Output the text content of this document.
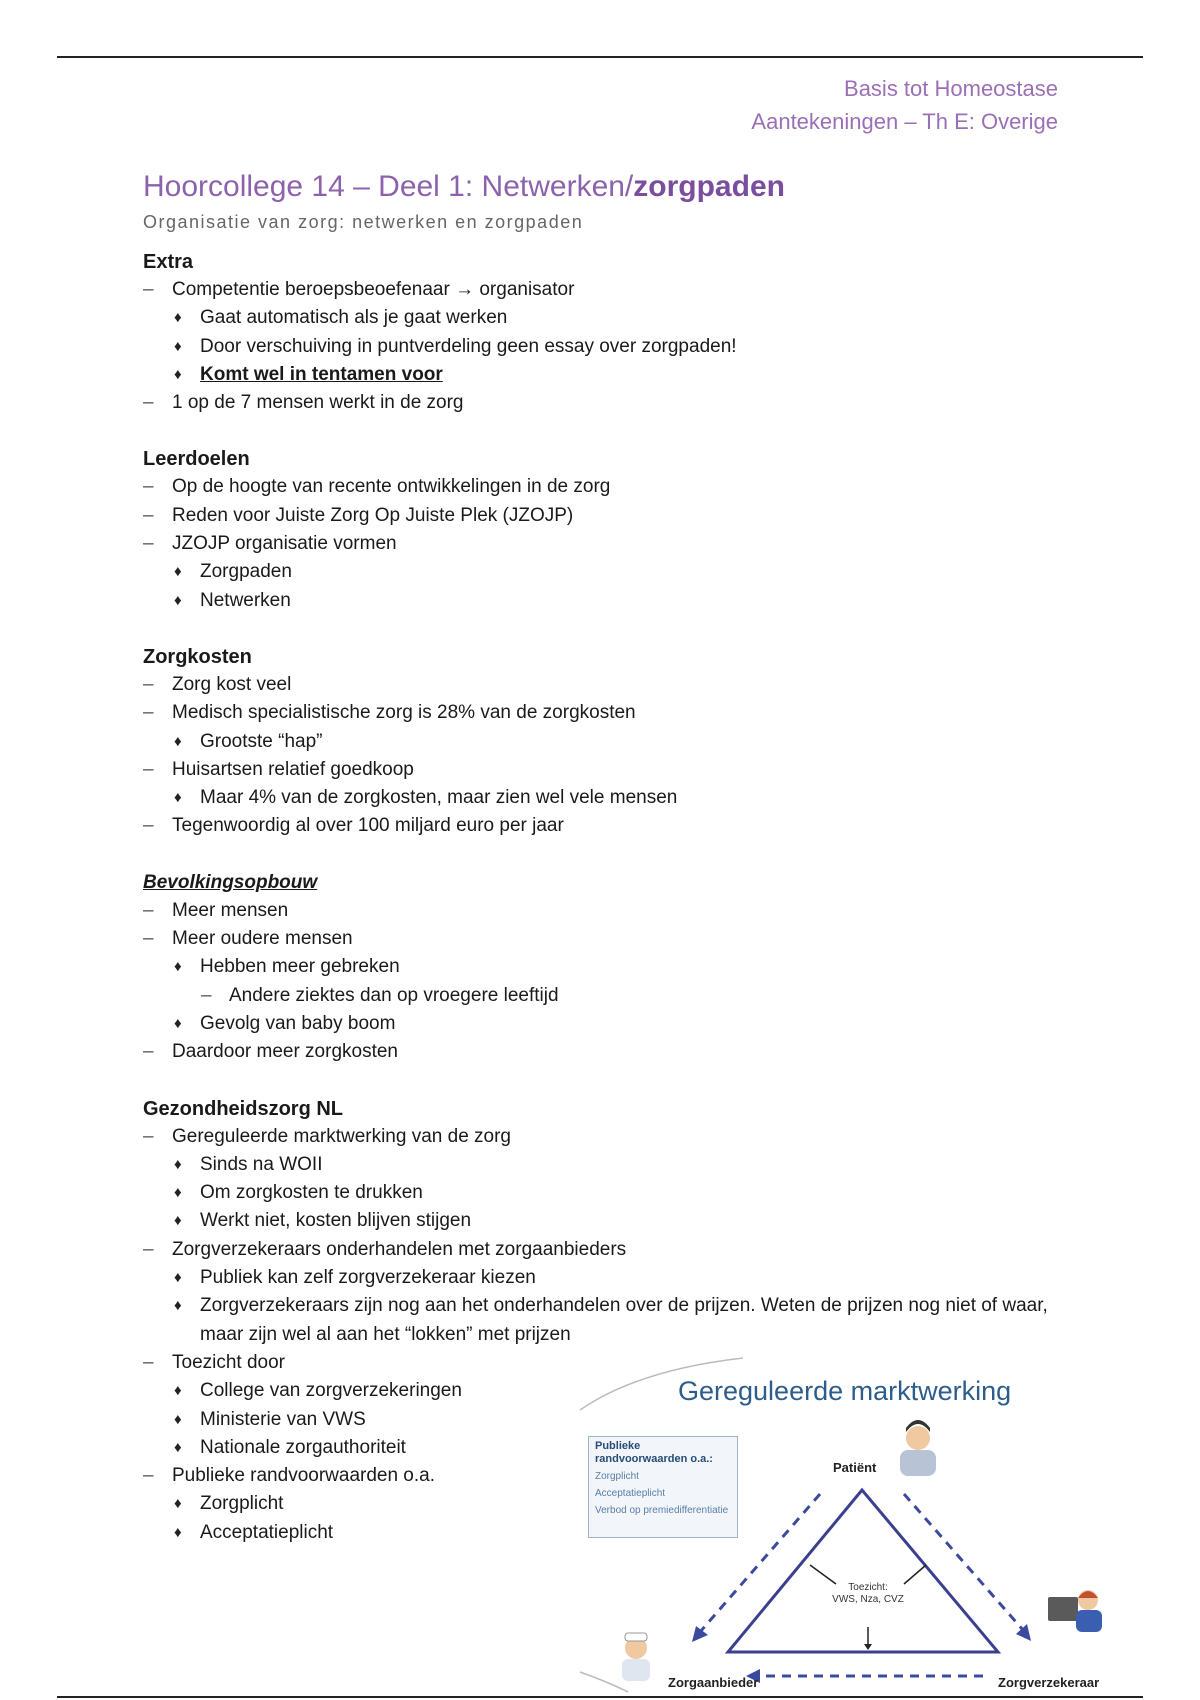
Basis tot Homeostase
Aantekeningen – Th E: Overige
Hoorcollege 14 – Deel 1: Netwerken/zorgpaden
Organisatie van zorg: netwerken en zorgpaden
Extra
– Competentie beroepsbeoefenaar → organisator
♦ Gaat automatisch als je gaat werken
♦ Door verschuiving in puntverdeling geen essay over zorgpaden!
♦ Komt wel in tentamen voor
– 1 op de 7 mensen werkt in de zorg
Leerdoelen
– Op de hoogte van recente ontwikkelingen in de zorg
– Reden voor Juiste Zorg Op Juiste Plek (JZOJP)
– JZOJP organisatie vormen
♦ Zorgpaden
♦ Netwerken
Zorgkosten
– Zorg kost veel
– Medisch specialistische zorg is 28% van de zorgkosten
♦ Grootste “hap”
– Huisartsen relatief goedkoop
♦ Maar 4% van de zorgkosten, maar zien wel vele mensen
– Tegenwoordig al over 100 miljard euro per jaar
Bevolkingsopbouw
– Meer mensen
– Meer oudere mensen
♦ Hebben meer gebreken
– Andere ziektes dan op vroegere leeftijd
♦ Gevolg van baby boom
– Daardoor meer zorgkosten
Gezondheidszorg NL
– Gereguleerde marktwerking van de zorg
♦ Sinds na WOII
♦ Om zorgkosten te drukken
♦ Werkt niet, kosten blijven stijgen
– Zorgverzekeraars onderhandelen met zorgaanbieders
♦ Publiek kan zelf zorgverzekeraar kiezen
♦ Zorgverzekeraars zijn nog aan het onderhandelen over de prijzen. Weten de prijzen nog niet of waar, maar zijn wel al aan het “lokken” met prijzen
– Toezicht door
♦ College van zorgverzekeringen
♦ Ministerie van VWS
♦ Nationale zorgauthoriteit
– Publieke randvoorwaarden o.a.
♦ Zorgplicht
♦ Acceptatieplicht
Gereguleerde marktwerking
Publieke randvoorwaarden o.a.:
Zorgplicht
Acceptatieplicht
Verbod op premiedifferentiatie
Patiënt
Zorgaanbieder	Zorgverzekeraar
Toezicht:
VWS, Nza, CVZ
